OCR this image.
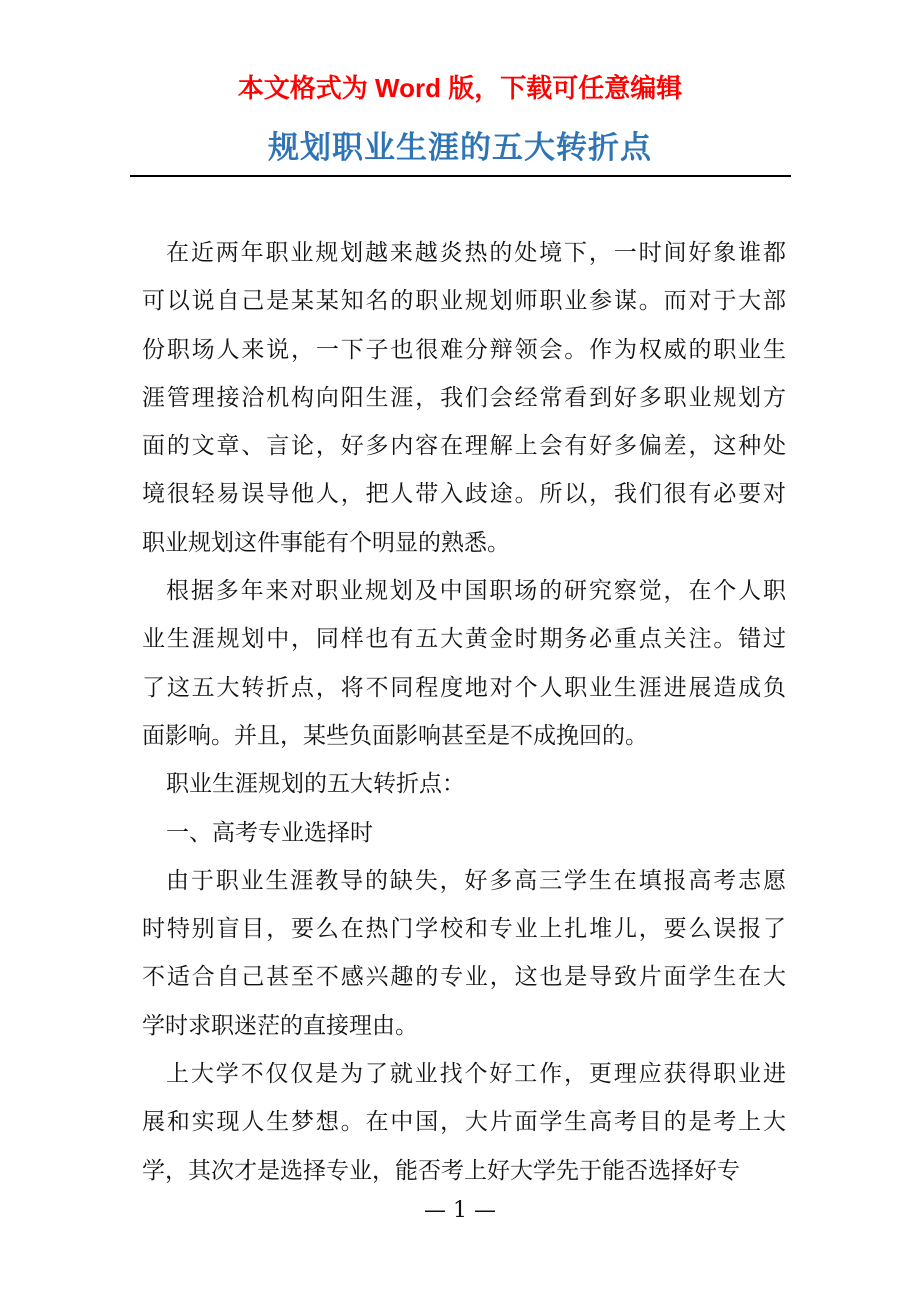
本文格式为 Word 版，下载可任意编辑
规划职业生涯的五大转折点
在近两年职业规划越来越炎热的处境下，一时间好象谁都
可以说自己是某某知名的职业规划师职业参谋。而对于大部
份职场人来说，一下子也很难分辩领会。作为权威的职业生
涯管理接洽机构向阳生涯，我们会经常看到好多职业规划方
面的文章、言论，好多内容在理解上会有好多偏差，这种处
境很轻易误导他人，把人带入歧途。所以，我们很有必要对
职业规划这件事能有个明显的熟悉。
根据多年来对职业规划及中国职场的研究察觉，在个人职
业生涯规划中，同样也有五大黄金时期务必重点关注。错过
了这五大转折点，将不同程度地对个人职业生涯进展造成负
面影响。并且，某些负面影响甚至是不成挽回的。
职业生涯规划的五大转折点：
一、高考专业选择时
由于职业生涯教导的缺失，好多高三学生在填报高考志愿
时特别盲目，要么在热门学校和专业上扎堆儿，要么误报了
不适合自己甚至不感兴趣的专业，这也是导致片面学生在大
学时求职迷茫的直接理由。
上大学不仅仅是为了就业找个好工作，更理应获得职业进
展和实现人生梦想。在中国，大片面学生高考目的是考上大
学，其次才是选择专业，能否考上好大学先于能否选择好专
— 1 —
